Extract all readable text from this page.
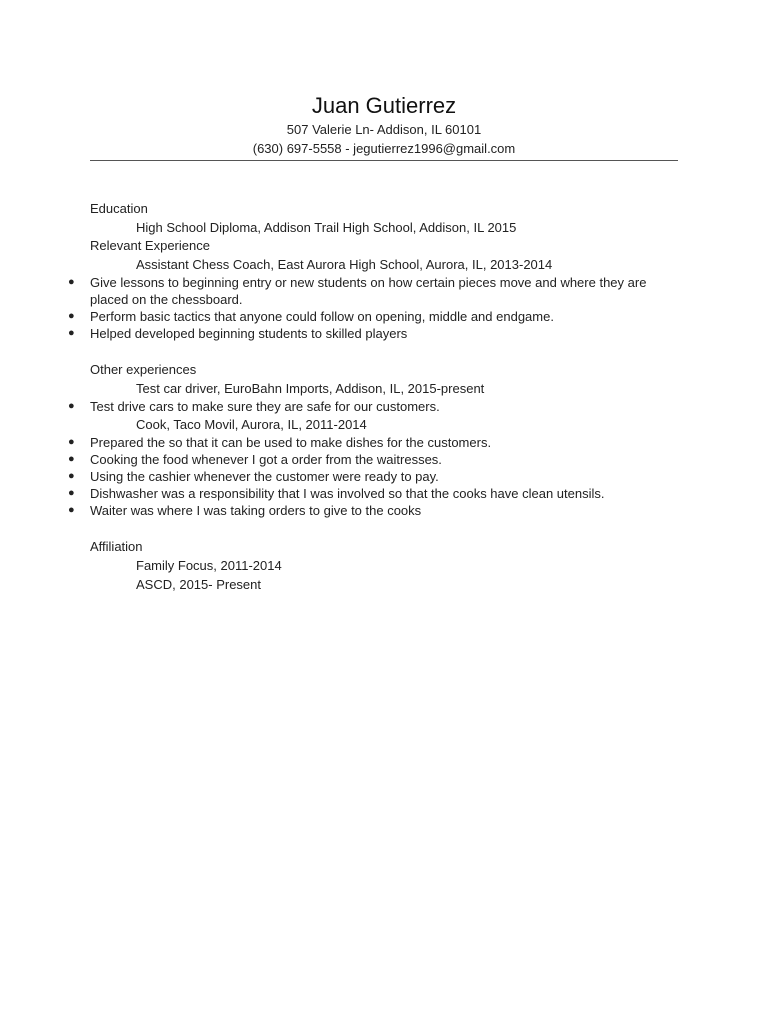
Juan Gutierrez
507 Valerie Ln- Addison, IL 60101
(630) 697-5558 - jegutierrez1996@gmail.com
Education
High School Diploma, Addison Trail High School, Addison, IL 2015
Relevant Experience
Assistant Chess Coach, East Aurora High School, Aurora, IL, 2013-2014
● Give lessons to beginning entry or new students on how certain pieces move and where they are placed on the chessboard.
● Perform basic tactics that anyone could follow on opening, middle and endgame.
● Helped developed beginning students to skilled players
Other experiences
Test car driver, EuroBahn Imports, Addison, IL, 2015-present
● Test drive cars to make sure they are safe for our customers.
Cook, Taco Movil, Aurora, IL, 2011-2014
● Prepared the so that it can be used to make dishes for the customers.
● Cooking the food whenever I got a order from the waitresses.
● Using the cashier whenever the customer were ready to pay.
● Dishwasher was a responsibility that I was involved so that the cooks have clean utensils.
● Waiter was where I was taking orders to give to the cooks
Affiliation
Family Focus, 2011-2014
ASCD, 2015- Present
